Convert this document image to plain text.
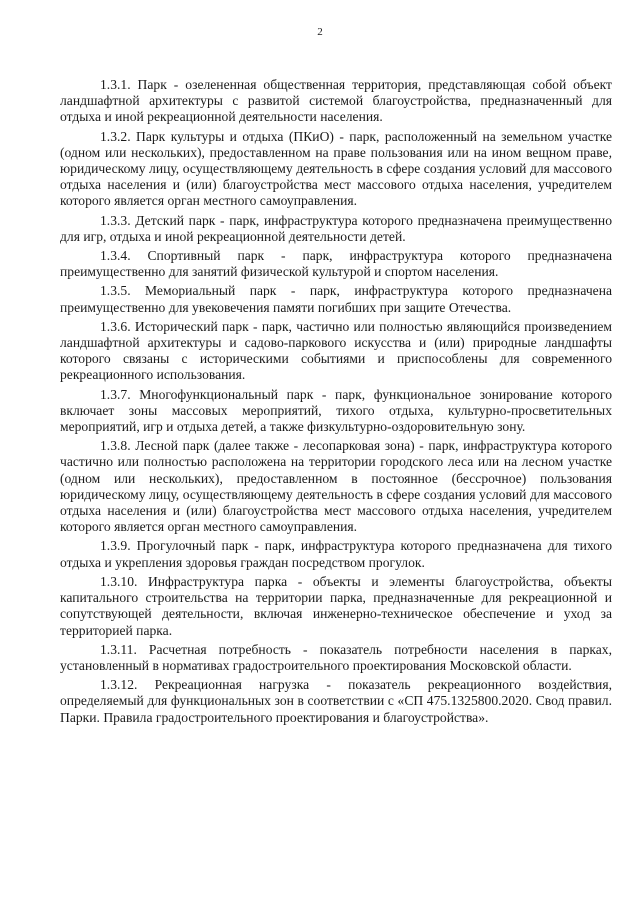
2

1.3.1. Парк - озелененная общественная территория, представляющая собой объект ландшафтной архитектуры с развитой системой благоустройства, предназначенный для отдыха и иной рекреационной деятельности населения.

1.3.2. Парк культуры и отдыха (ПКиО) - парк, расположенный на земельном участке (одном или нескольких), предоставленном на праве пользования или на ином вещном праве, юридическому лицу, осуществляющему деятельность в сфере создания условий для массового отдыха населения и (или) благоустройства мест массового отдыха населения, учредителем которого является орган местного самоуправления.

1.3.3. Детский парк - парк, инфраструктура которого предназначена преимущественно для игр, отдыха и иной рекреационной деятельности детей.

1.3.4. Спортивный парк - парк, инфраструктура которого предназначена преимущественно для занятий физической культурой и спортом населения.

1.3.5. Мемориальный парк - парк, инфраструктура которого предназначена преимущественно для увековечения памяти погибших при защите Отечества.

1.3.6. Исторический парк - парк, частично или полностью являющийся произведением ландшафтной архитектуры и садово-паркового искусства и (или) природные ландшафты которого связаны с историческими событиями и приспособлены для современного рекреационного использования.

1.3.7. Многофункциональный парк - парк, функциональное зонирование которого включает зоны массовых мероприятий, тихого отдыха, культурно-просветительных мероприятий, игр и отдыха детей, а также физкультурно-оздоровительную зону.

1.3.8. Лесной парк (далее также - лесопарковая зона) - парк, инфраструктура которого частично или полностью расположена на территории городского леса или на лесном участке (одном или нескольких), предоставленном в постоянное (бессрочное) пользования юридическому лицу, осуществляющему деятельность в сфере создания условий для массового отдыха населения и (или) благоустройства мест массового отдыха населения, учредителем которого является орган местного самоуправления.

1.3.9. Прогулочный парк - парк, инфраструктура которого предназначена для тихого отдыха и укрепления здоровья граждан посредством прогулок.

1.3.10. Инфраструктура парка - объекты и элементы благоустройства, объекты капитального строительства на территории парка, предназначенные для рекреационной и сопутствующей деятельности, включая инженерно-техническое обеспечение и уход за территорией парка.

1.3.11. Расчетная потребность - показатель потребности населения в парках, установленный в нормативах градостроительного проектирования Московской области.

1.3.12. Рекреационная нагрузка - показатель рекреационного воздействия, определяемый для функциональных зон в соответствии с «СП 475.1325800.2020. Свод правил. Парки. Правила градостроительного проектирования и благоустройства».
